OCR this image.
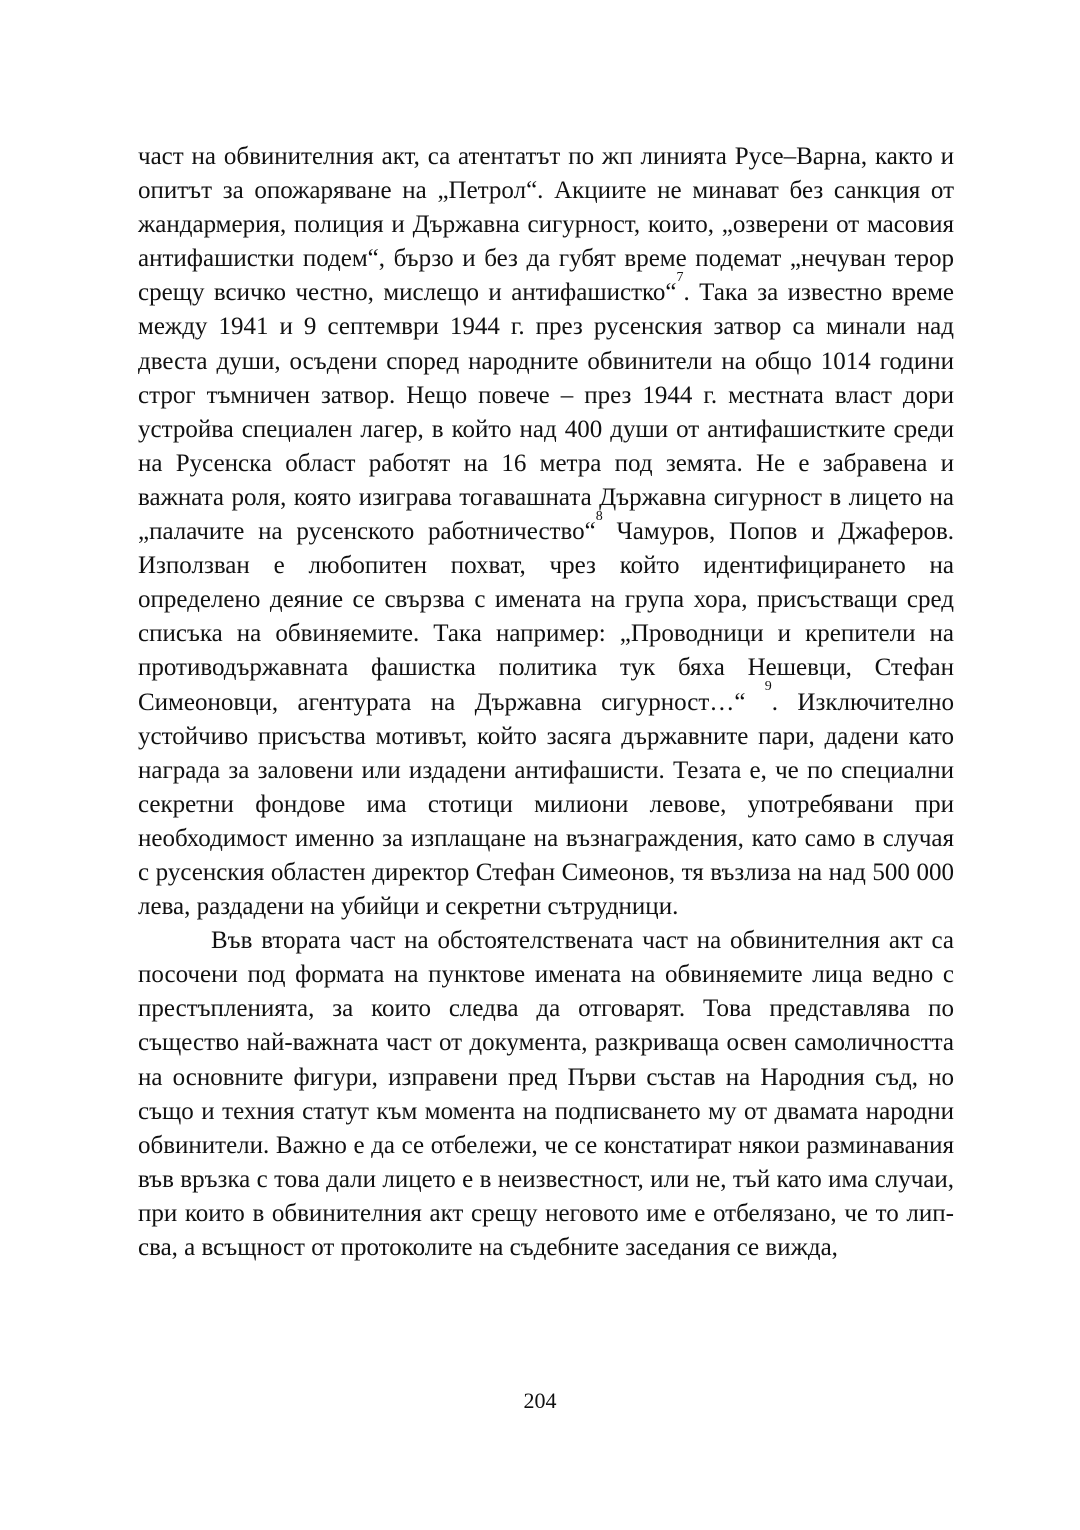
част на обвинителния акт, са атентатът по жп линията Русе–Варна, както и опитът за опожаряване на „Петрол“. Акциите не минават без санкция от жандармерия, полиция и Държавна сигурност, които, „озверени от масовия антифашистки подем“, бързо и без да губят време подемат „нечуван терор срещу всичко честно, мислещо и антифашистко“$^7$. Така за известно време между 1941 и 9 септември 1944 г. през русенския затвор са минали над двеста души, осъдени според народните обвинители на общо 1014 години строг тъмничен затвор. Нещо повече – през 1944 г. местната власт дори устройва специален лагер, в който над 400 души от антифашистките среди на Русенска област работят на 16 метра под земята. Не е забравена и важната роля, която изиграва тогавашната Държавна сигурност в лицето на „палачите на русенското работничество“$^8$ Чамуров, Попов и Джаферов. Използван е любопитен похват, чрез който идентифицирането на определено деяние се свързва с имената на група хора, присъстващи сред списъка на обвиняемите. Така например: „Проводници и крепители на противодържавната фашистка политика тук бяха Нешевци, Стефан Симеоновци, агентурата на Държавна сигурност…“ $^9$. Изключително устойчиво присъства мотивът, който засяга държавните пари, дадени като награда за заловени или издадени антифашисти. Тезата е, че по специални секретни фондове има стотици милиони левове, употребявани при необходимост именно за изплащане на възнаграждения, като само в случая с русенския областен директор Стефан Симеонов, тя възлиза на над 500 000 лева, раздадени на убийци и секретни сътрудници.

Във втората част на обстоятелствената част на обвинителния акт са посочени под формата на пунктове имената на обвиняемите лица ведно с престъпленията, за които следва да отговарят. Това представлява по същество най-важната част от документа, разкриваща освен самоличността на основните фигури, изправени пред Първи състав на Народния съд, но също и техния статут към момента на подписването му от двамата народни обвинители. Важно е да се отбележи, че се констатират някои разминавания във връзка с това дали лицето е в неизвестност, или не, тъй като има случаи, при които в обвинителния акт срещу неговото име е отбелязано, че то липсва, а всъщност от протоколите на съдебните заседания се вижда,

204
